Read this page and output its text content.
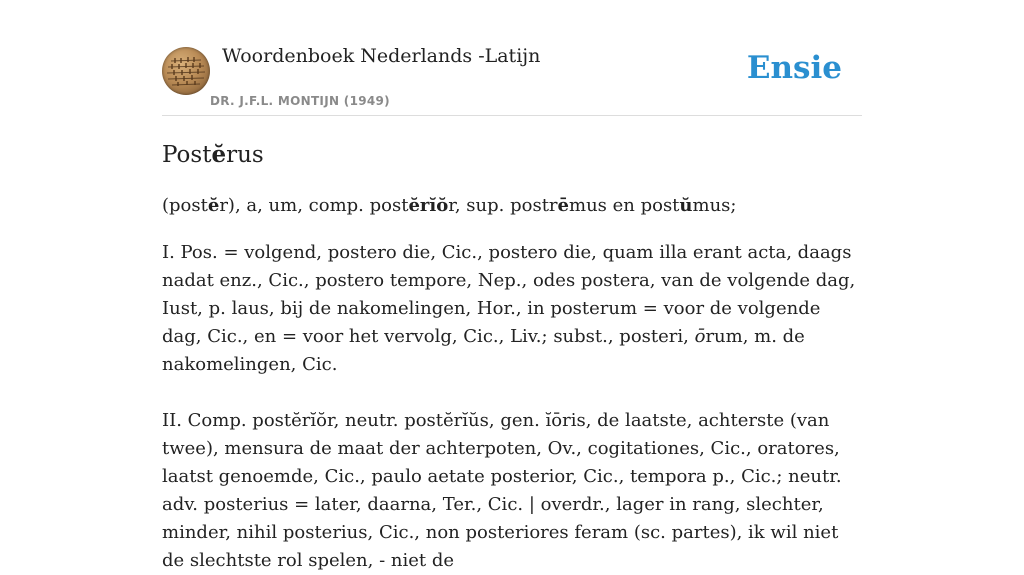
Woordenboek Nederlands -Latijn
DR. J.F.L. MONTIJN (1949)
Ensie
Postĕrus

(postĕr), a, um, comp. postĕrĭŏr, sup. postrēmus en postŭmus;

I. Pos. = volgend, postero die, Cic., postero die, quam illa erant acta, daags nadat enz., Cic., postero tempore, Nep., odes postera, van de volgende dag, Iust, p. laus, bij de nakomelingen, Hor., in posterum = voor de volgende dag, Cic., en = voor het vervolg, Cic., Liv.; subst., posteri, ōrum, m. de nakomelingen, Cic.

II. Comp. postĕrĭŏr, neutr. postĕrĭŭs, gen. ĭōris, de laatste, achterste (van twee), mensura de maat der achterpoten, Ov., cogitationes, Cic., oratores, laatst genoemde, Cic., paulo aetate posterior, Cic., tempora p., Cic.; neutr. adv. posterius = later, daarna, Ter., Cic. | overdr., lager in rang, slechter, minder, nihil posterius, Cic., non posteriores feram (sc. partes), ik wil niet de slechtste rol spelen, - niet de
